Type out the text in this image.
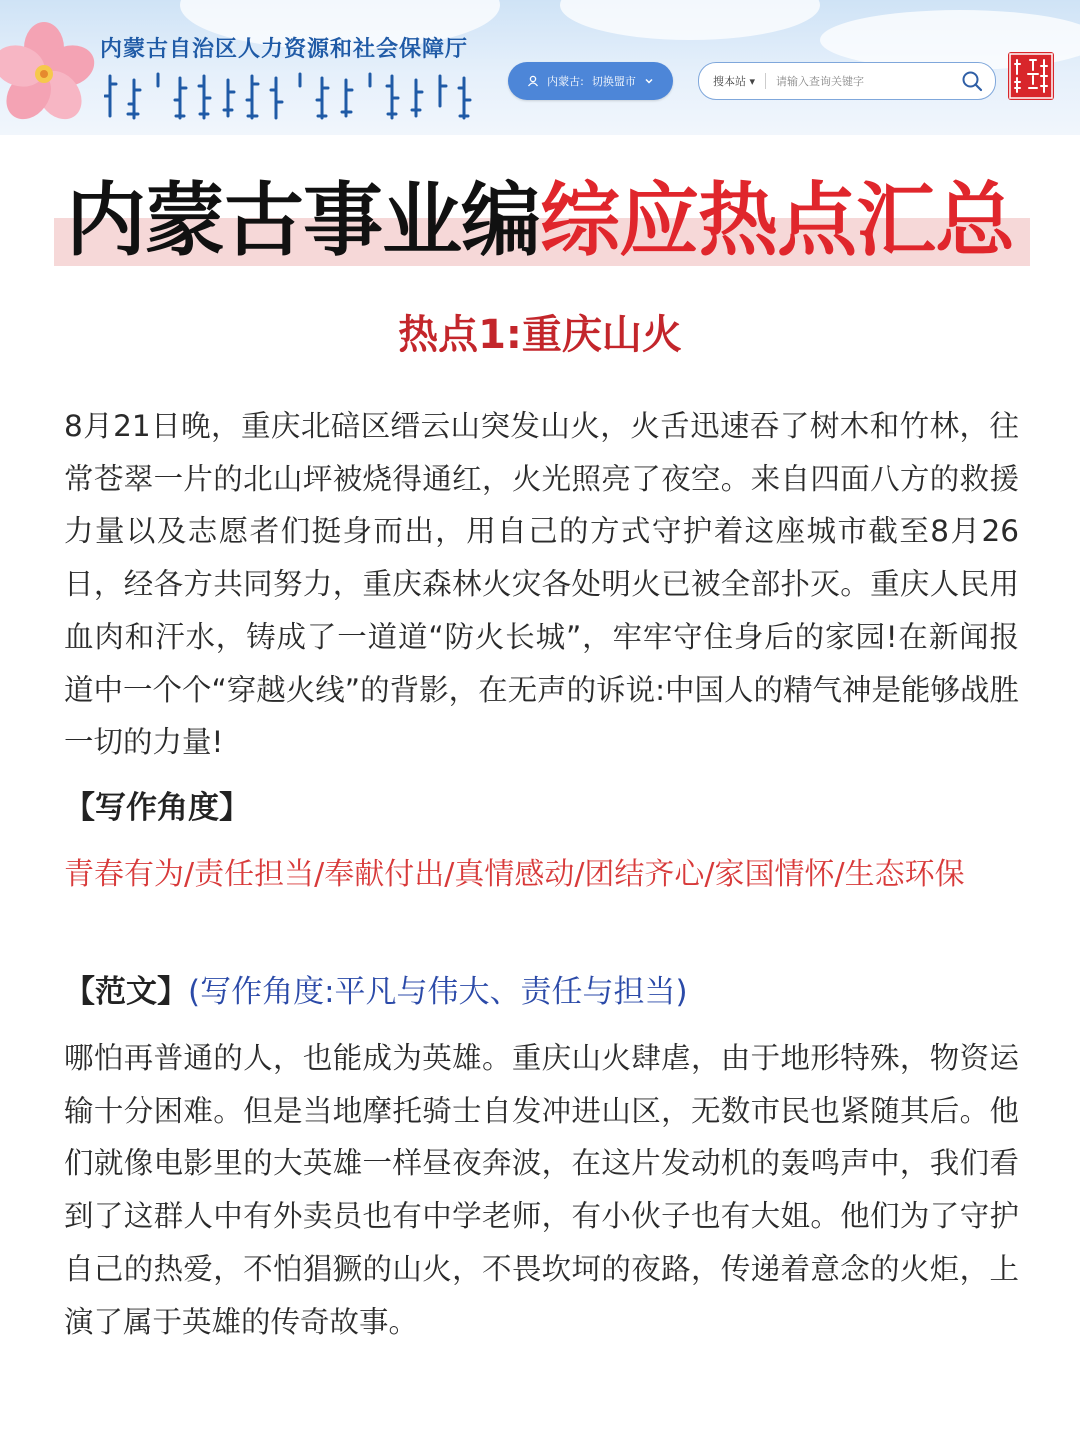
内蒙古自治区人力资源和社会保障厅
内蒙古: 切换盟市	搜本站 ▾
请输入查询关键字
内蒙古事业编综应热点汇总
热点1:重庆山火

8月21日晚，重庆北碚区缙云山突发山火，火舌迅速吞了树木和竹林，往常苍翠一片的北山坪被烧得通红，火光照亮了夜空。来自四面八方的救援力量以及志愿者们挺身而出，用自己的方式守护着这座城市截至8月26日，经各方共同努力，重庆森林火灾各处明火已被全部扑灭。重庆人民用血肉和汗水，铸成了一道道“防火长城”，牢牢守住身后的家园!在新闻报道中一个个“穿越火线”的背影，在无声的诉说:中国人的精气神是能够战胜一切的力量!

【写作角度】

青春有为/责任担当/奉献付出/真情感动/团结齐心/家国情怀/生态环保

【范文】(写作角度:平凡与伟大、责任与担当)

哪怕再普通的人，也能成为英雄。重庆山火肆虐，由于地形特殊，物资运输十分困难。但是当地摩托骑士自发冲进山区，无数市民也紧随其后。他们就像电影里的大英雄一样昼夜奔波，在这片发动机的轰鸣声中，我们看到了这群人中有外卖员也有中学老师，有小伙子也有大姐。他们为了守护自己的热爱，不怕猖獗的山火，不畏坎坷的夜路，传递着意念的火炬，上演了属于英雄的传奇故事。
